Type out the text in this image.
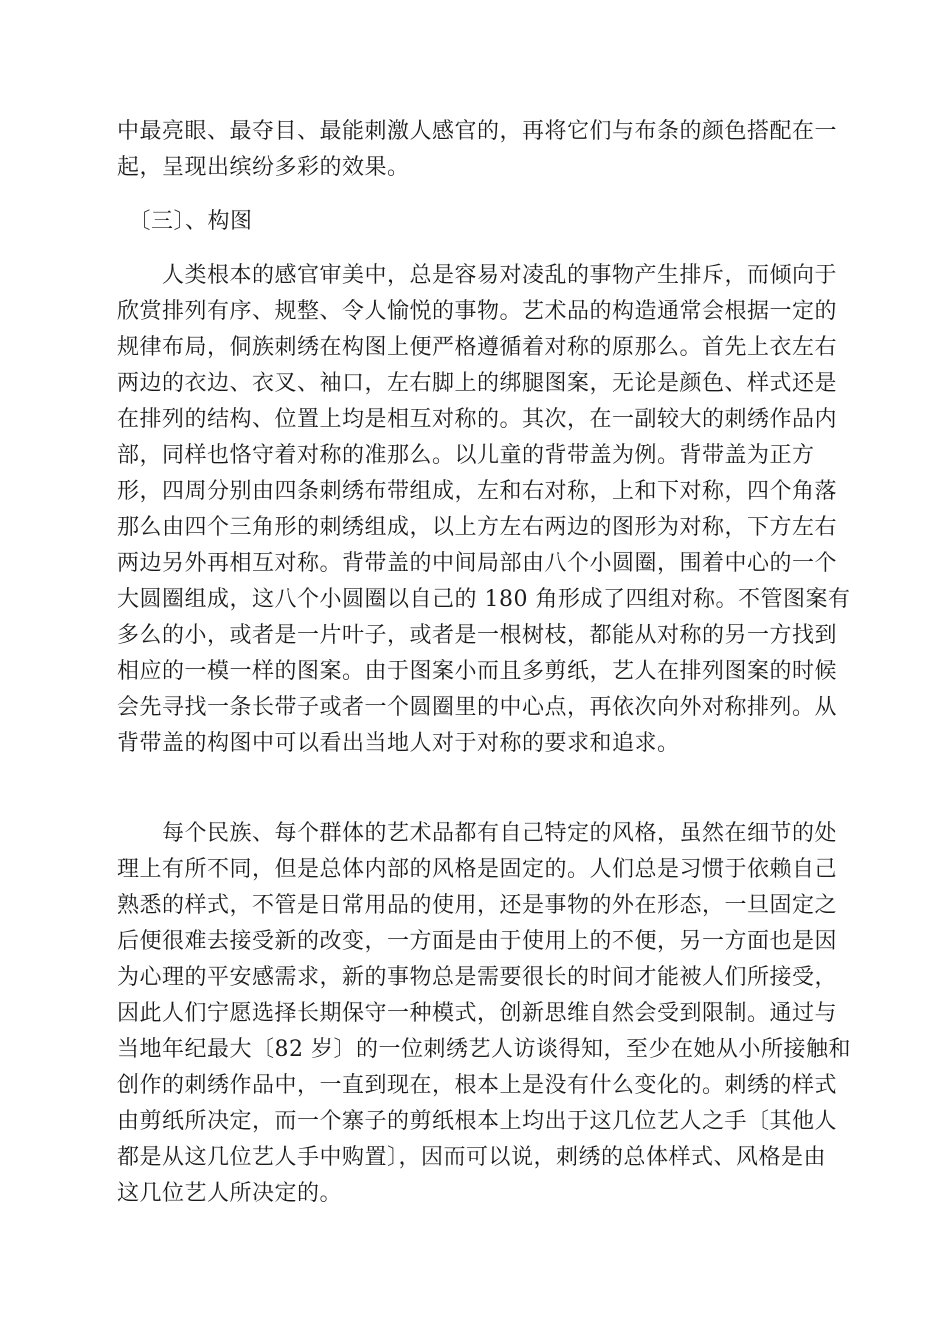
中最亮眼、最夺目、最能刺激人感官的，再将它们与布条的颜色搭配在一
起，呈现出缤纷多彩的效果。
　〔三〕、构图
　　人类根本的感官审美中，总是容易对凌乱的事物产生排斥，而倾向于
欣赏排列有序、规整、令人愉悦的事物。艺术品的构造通常会根据一定的
规律布局，侗族刺绣在构图上便严格遵循着对称的原那么。首先上衣左右
两边的衣边、衣叉、袖口，左右脚上的绑腿图案，无论是颜色、样式还是
在排列的结构、位置上均是相互对称的。其次，在一副较大的刺绣作品内
部，同样也恪守着对称的准那么。以儿童的背带盖为例。背带盖为正方
形，四周分别由四条刺绣布带组成，左和右对称，上和下对称，四个角落
那么由四个三角形的刺绣组成，以上方左右两边的图形为对称，下方左右
两边另外再相互对称。背带盖的中间局部由八个小圆圈，围着中心的一个
大圆圈组成，这八个小圆圈以自己的 180 角形成了四组对称。不管图案有
多么的小，或者是一片叶子，或者是一根树枝，都能从对称的另一方找到
相应的一模一样的图案。由于图案小而且多剪纸，艺人在排列图案的时候
会先寻找一条长带子或者一个圆圈里的中心点，再依次向外对称排列。从
背带盖的构图中可以看出当地人对于对称的要求和追求。
　　每个民族、每个群体的艺术品都有自己特定的风格，虽然在细节的处
理上有所不同，但是总体内部的风格是固定的。人们总是习惯于依赖自己
熟悉的样式，不管是日常用品的使用，还是事物的外在形态，一旦固定之
后便很难去接受新的改变，一方面是由于使用上的不便，另一方面也是因
为心理的平安感需求，新的事物总是需要很长的时间才能被人们所接受，
因此人们宁愿选择长期保守一种模式，创新思维自然会受到限制。通过与
当地年纪最大〔82 岁〕的一位刺绣艺人访谈得知，至少在她从小所接触和
创作的刺绣作品中，一直到现在，根本上是没有什么变化的。刺绣的样式
由剪纸所决定，而一个寨子的剪纸根本上均出于这几位艺人之手〔其他人
都是从这几位艺人手中购置〕，因而可以说，刺绣的总体样式、风格是由
这几位艺人所决定的。
